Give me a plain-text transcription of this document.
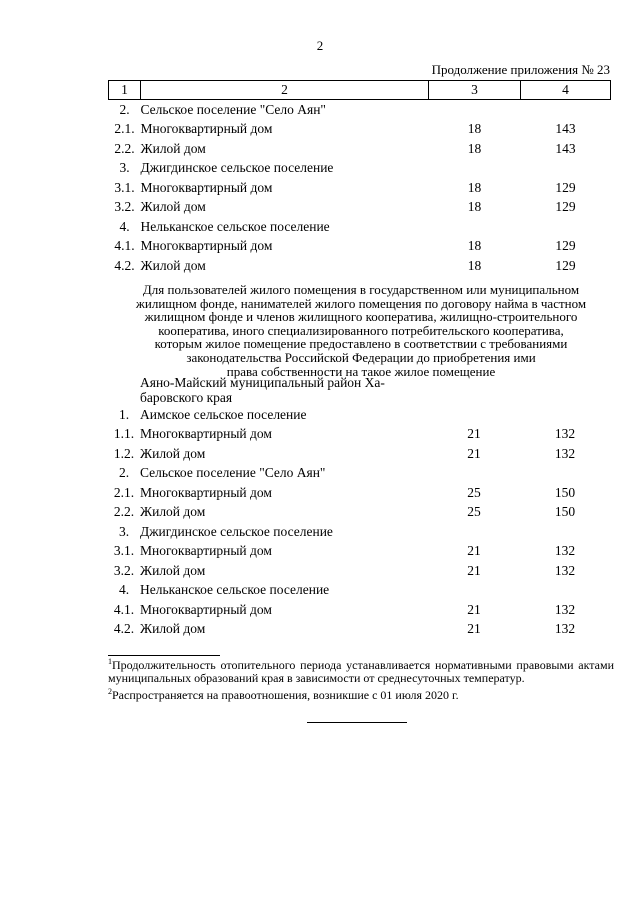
2
Продолжение приложения № 23
1	2	3	4
2.	Сельское поселение "Село Аян"		
2.1.	Многоквартирный дом	18	143
2.2.	Жилой дом	18	143
3.	Джигдинское сельское поселение		
3.1.	Многоквартирный дом	18	129
3.2.	Жилой дом	18	129
4.	Нельканское сельское поселение		
4.1.	Многоквартирный дом	18	129
4.2.	Жилой дом	18	129
Для пользователей жилого помещения в государственном или муниципальном
жилищном фонде, нанимателей жилого помещения по договору найма в частном
жилищном фонде и членов жилищного кооператива, жилищно-строительного
кооператива, иного специализированного потребительского кооператива,
которым жилое помещение предоставлено в соответствии с требованиями
законодательства Российской Федерации до приобретения ими
права собственности на такое жилое помещение

	Аяно-Майский муниципальный район Ха-
баровского края		

1.	Аимское сельское поселение		
1.1.	Многоквартирный дом	21	132
1.2.	Жилой дом	21	132
2.	Сельское поселение "Село Аян"		
2.1.	Многоквартирный дом	25	150
2.2.	Жилой дом	25	150
3.	Джигдинское сельское поселение		
3.1.	Многоквартирный дом	21	132
3.2.	Жилой дом	21	132
4.	Нельканское сельское поселение		
4.1.	Многоквартирный дом	21	132
4.2.	Жилой дом	21	132
$^1$Продолжительность отопительного периода устанавливается нормативными правовыми актами муниципальных образований края в зависимости от среднесуточных температур.
$^2$Распространяется на правоотношения, возникшие с 01 июля 2020 г.
